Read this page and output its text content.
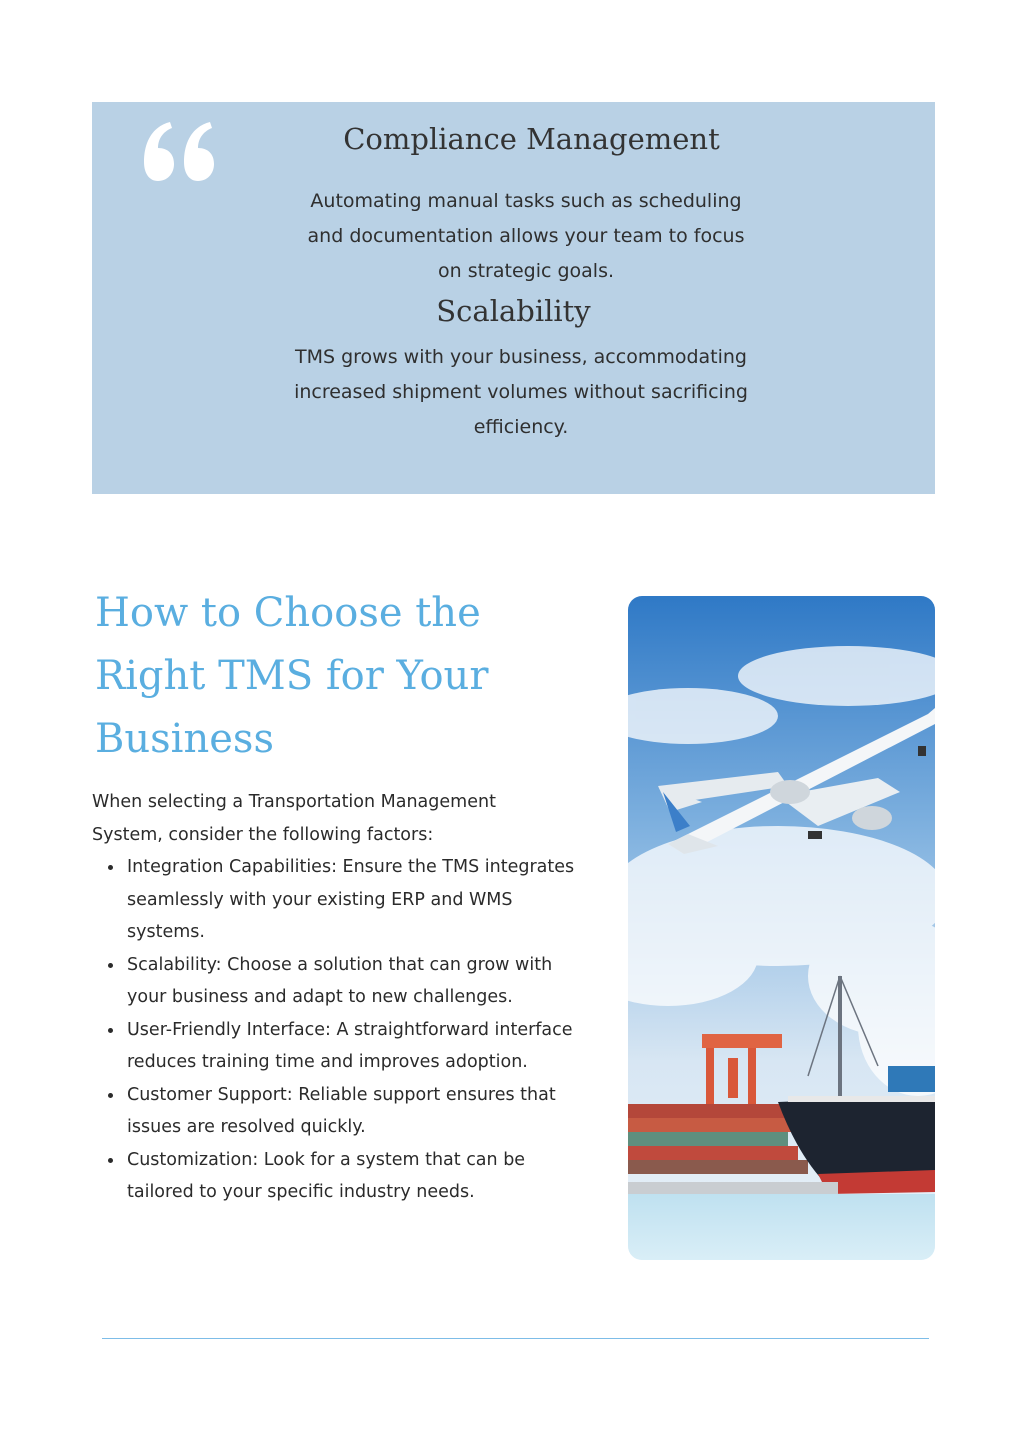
Compliance Management

Automating manual tasks such as scheduling and documentation allows your team to focus on strategic goals.

Scalability

TMS grows with your business, accommodating increased shipment volumes without sacrificing efficiency.

How to Choose the Right TMS for Your Business

When selecting a Transportation Management System, consider the following factors:

Integration Capabilities: Ensure the TMS integrates seamlessly with your existing ERP and WMS systems.
Scalability: Choose a solution that can grow with your business and adapt to new challenges.
User-Friendly Interface: A straightforward interface reduces training time and improves adoption.
Customer Support: Reliable support ensures that issues are resolved quickly.
Customization: Look for a system that can be tailored to your specific industry needs.
